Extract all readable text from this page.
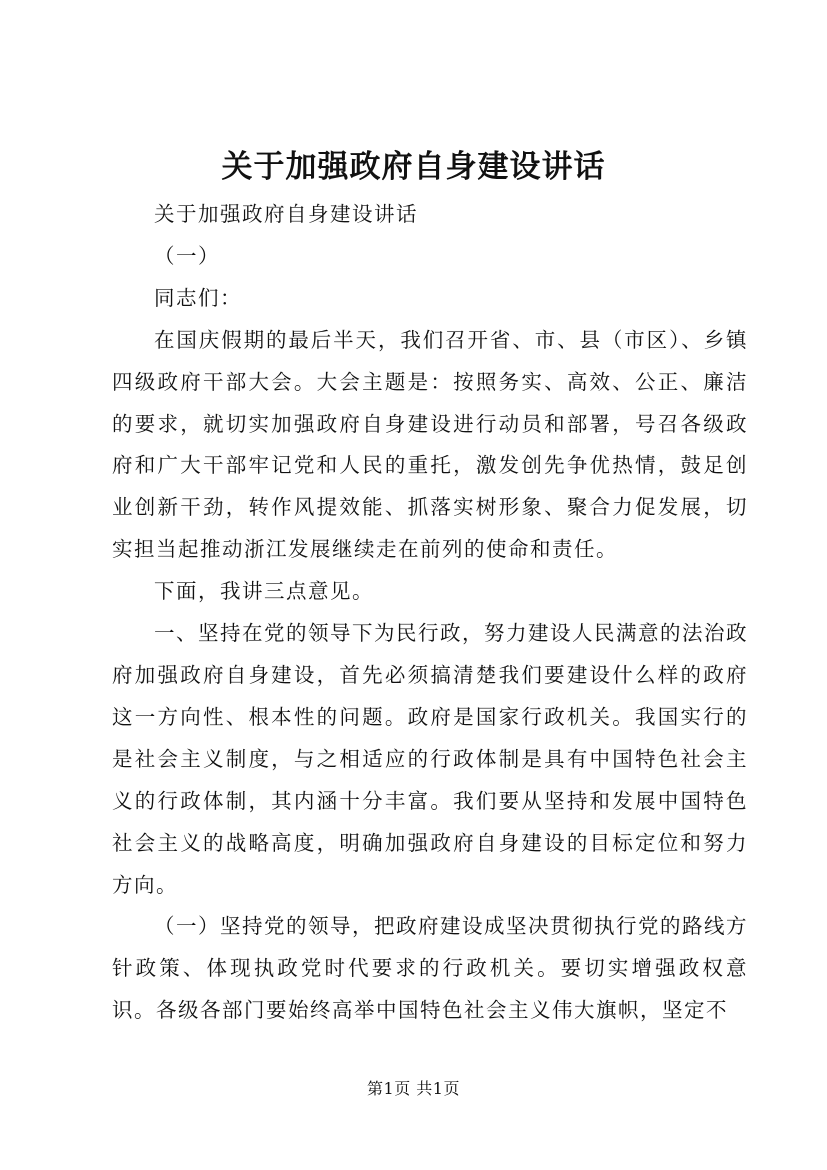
关于加强政府自身建设讲话

关于加强政府自身建设讲话

（一）

同志们：

在国庆假期的最后半天，我们召开省、市、县（市区）、乡镇四级政府干部大会。大会主题是：按照务实、高效、公正、廉洁的要求，就切实加强政府自身建设进行动员和部署，号召各级政府和广大干部牢记党和人民的重托，激发创先争优热情，鼓足创业创新干劲，转作风提效能、抓落实树形象、聚合力促发展，切实担当起推动浙江发展继续走在前列的使命和责任。

下面，我讲三点意见。

一、坚持在党的领导下为民行政，努力建设人民满意的法治政府加强政府自身建设，首先必须搞清楚我们要建设什么样的政府这一方向性、根本性的问题。政府是国家行政机关。我国实行的是社会主义制度，与之相适应的行政体制是具有中国特色社会主义的行政体制，其内涵十分丰富。我们要从坚持和发展中国特色社会主义的战略高度，明确加强政府自身建设的目标定位和努力方向。

（一）坚持党的领导，把政府建设成坚决贯彻执行党的路线方针政策、体现执政党时代要求的行政机关。要切实增强政权意识。各级各部门要始终高举中国特色社会主义伟大旗帜，坚定不

第1页 共1页
